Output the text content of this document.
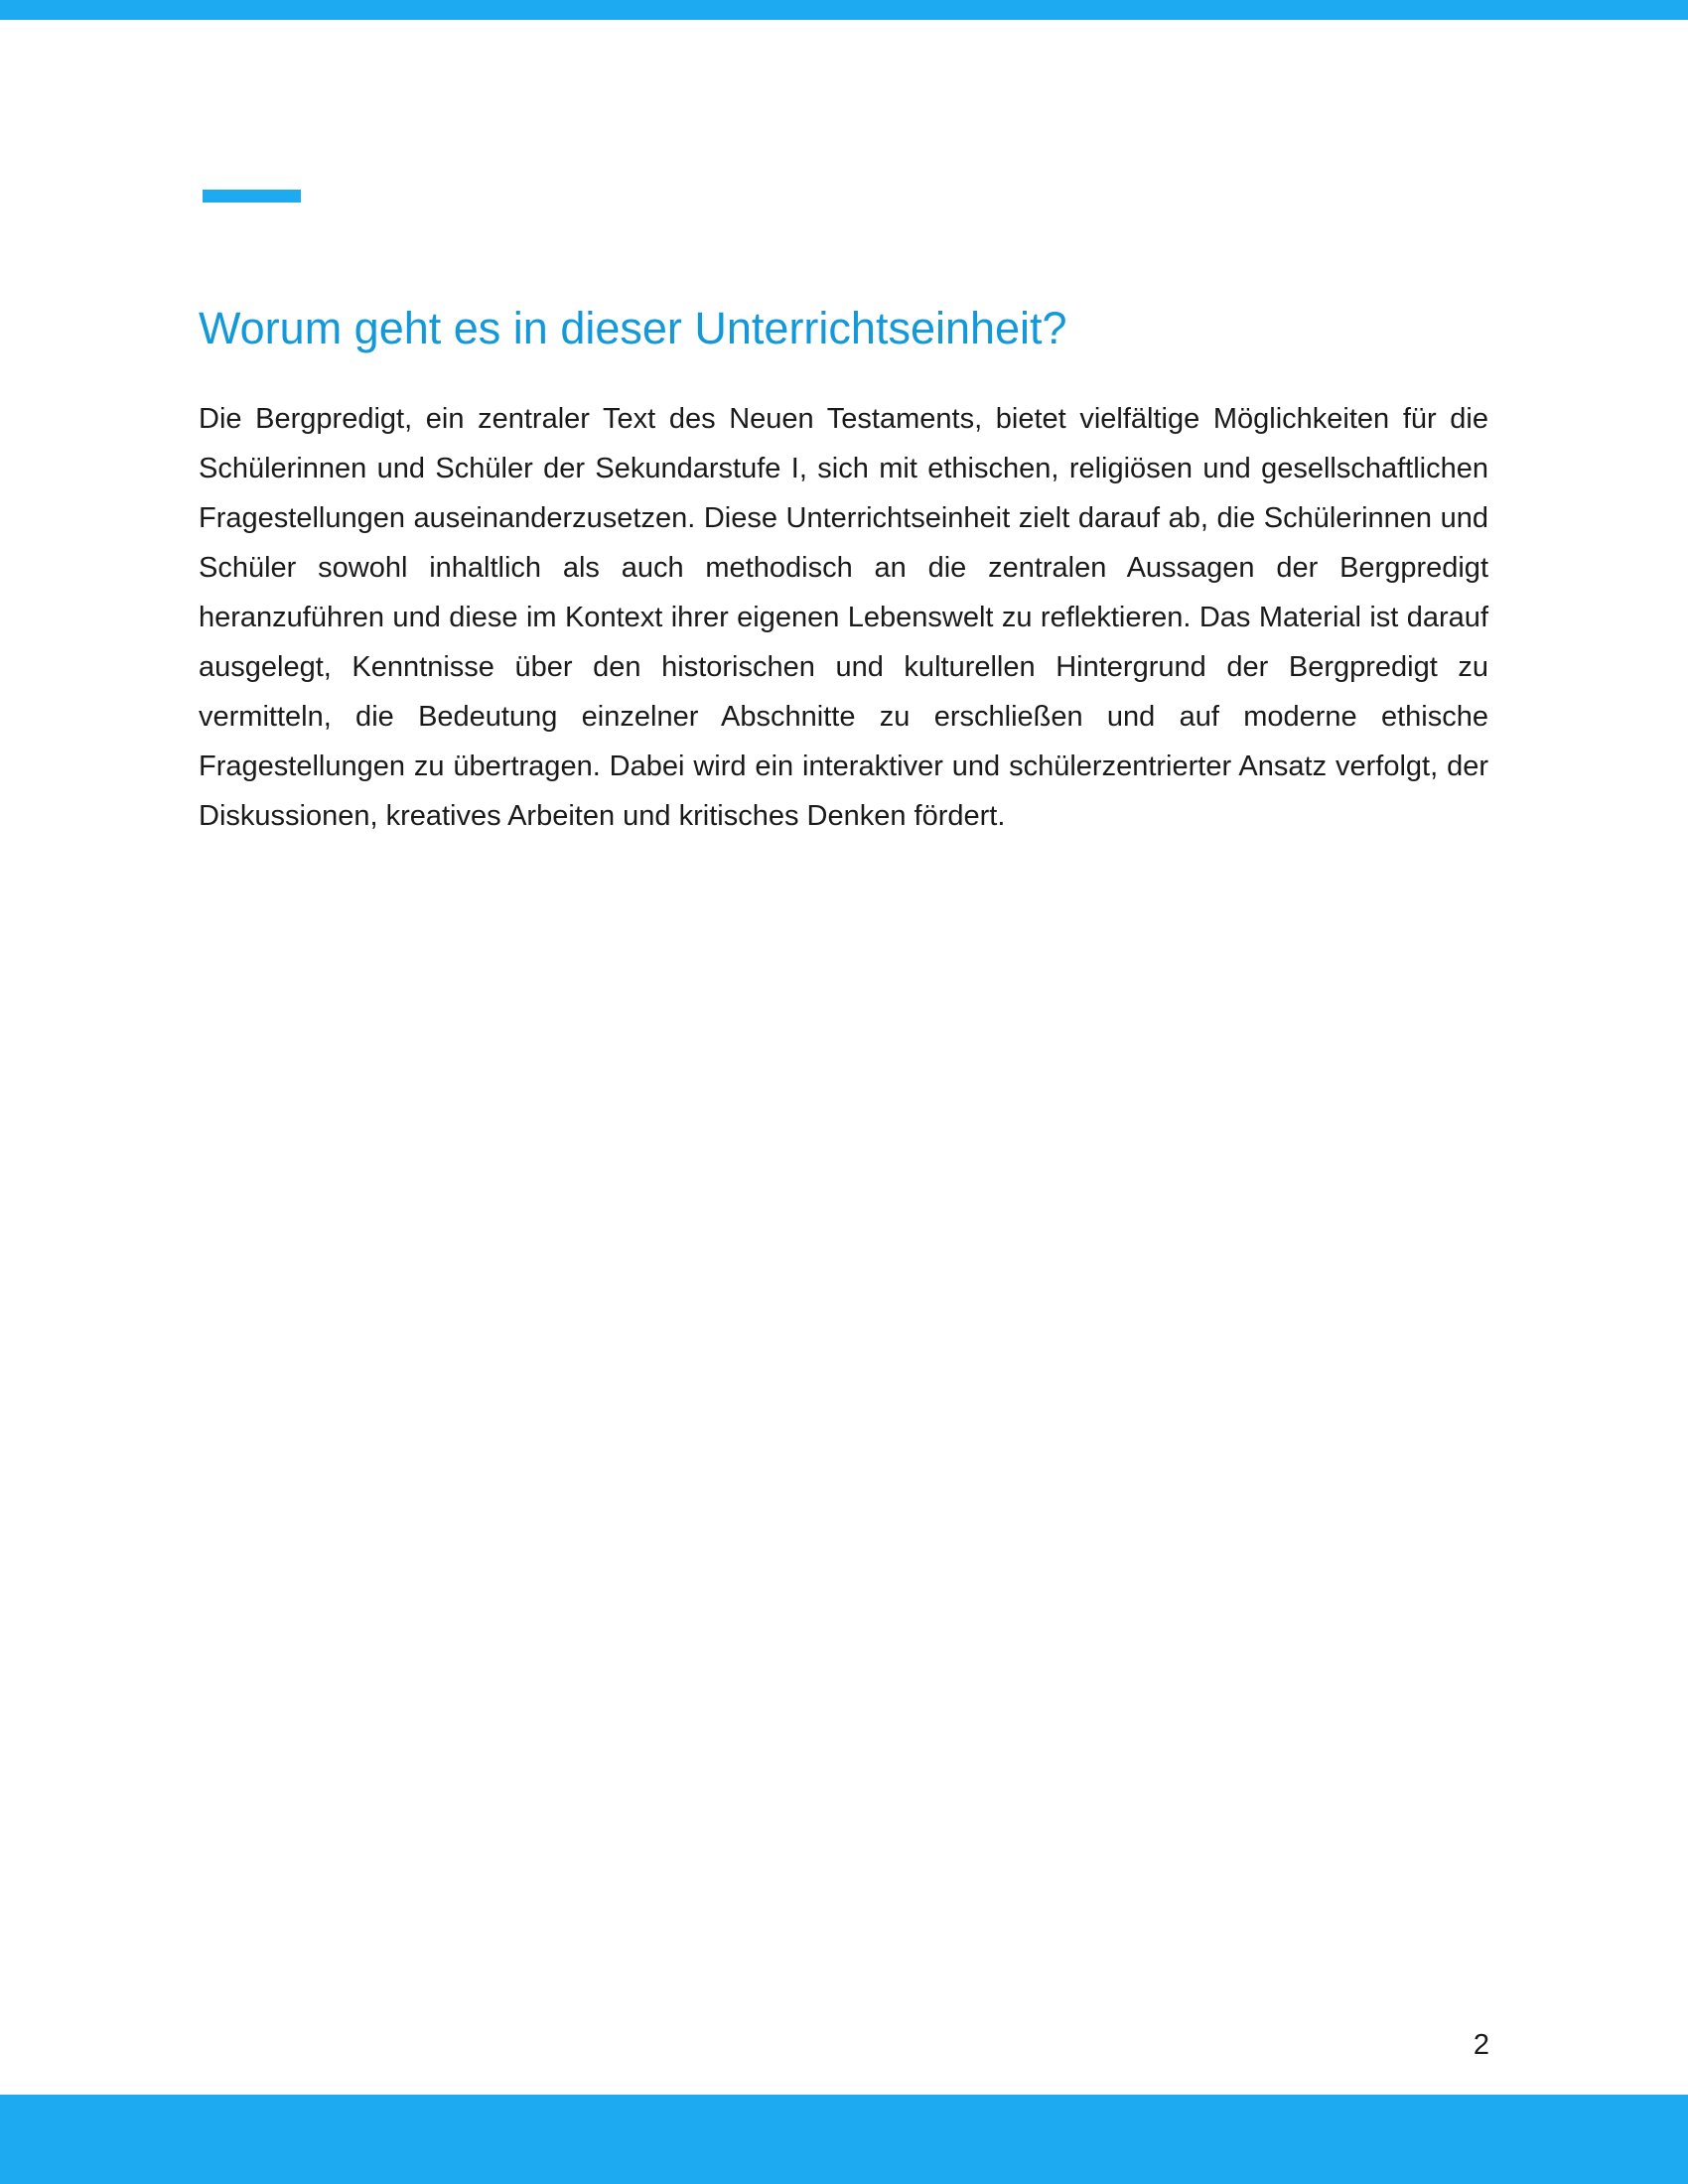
Worum geht es in dieser Unterrichtseinheit?

Die Bergpredigt, ein zentraler Text des Neuen Testaments, bietet vielfältige Möglichkeiten für die Schülerinnen und Schüler der Sekundarstufe I, sich mit ethischen, religiösen und gesellschaftlichen Fragestellungen auseinanderzusetzen. Diese Unterrichtseinheit zielt darauf ab, die Schülerinnen und Schüler sowohl inhaltlich als auch methodisch an die zentralen Aussagen der Bergpredigt heranzuführen und diese im Kontext ihrer eigenen Lebenswelt zu reflektieren. Das Material ist darauf ausgelegt, Kenntnisse über den historischen und kulturellen Hintergrund der Bergpredigt zu vermitteln, die Bedeutung einzelner Abschnitte zu erschließen und auf moderne ethische Fragestellungen zu übertragen. Dabei wird ein interaktiver und schülerzentrierter Ansatz verfolgt, der Diskussionen, kreatives Arbeiten und kritisches Denken fördert.

2
